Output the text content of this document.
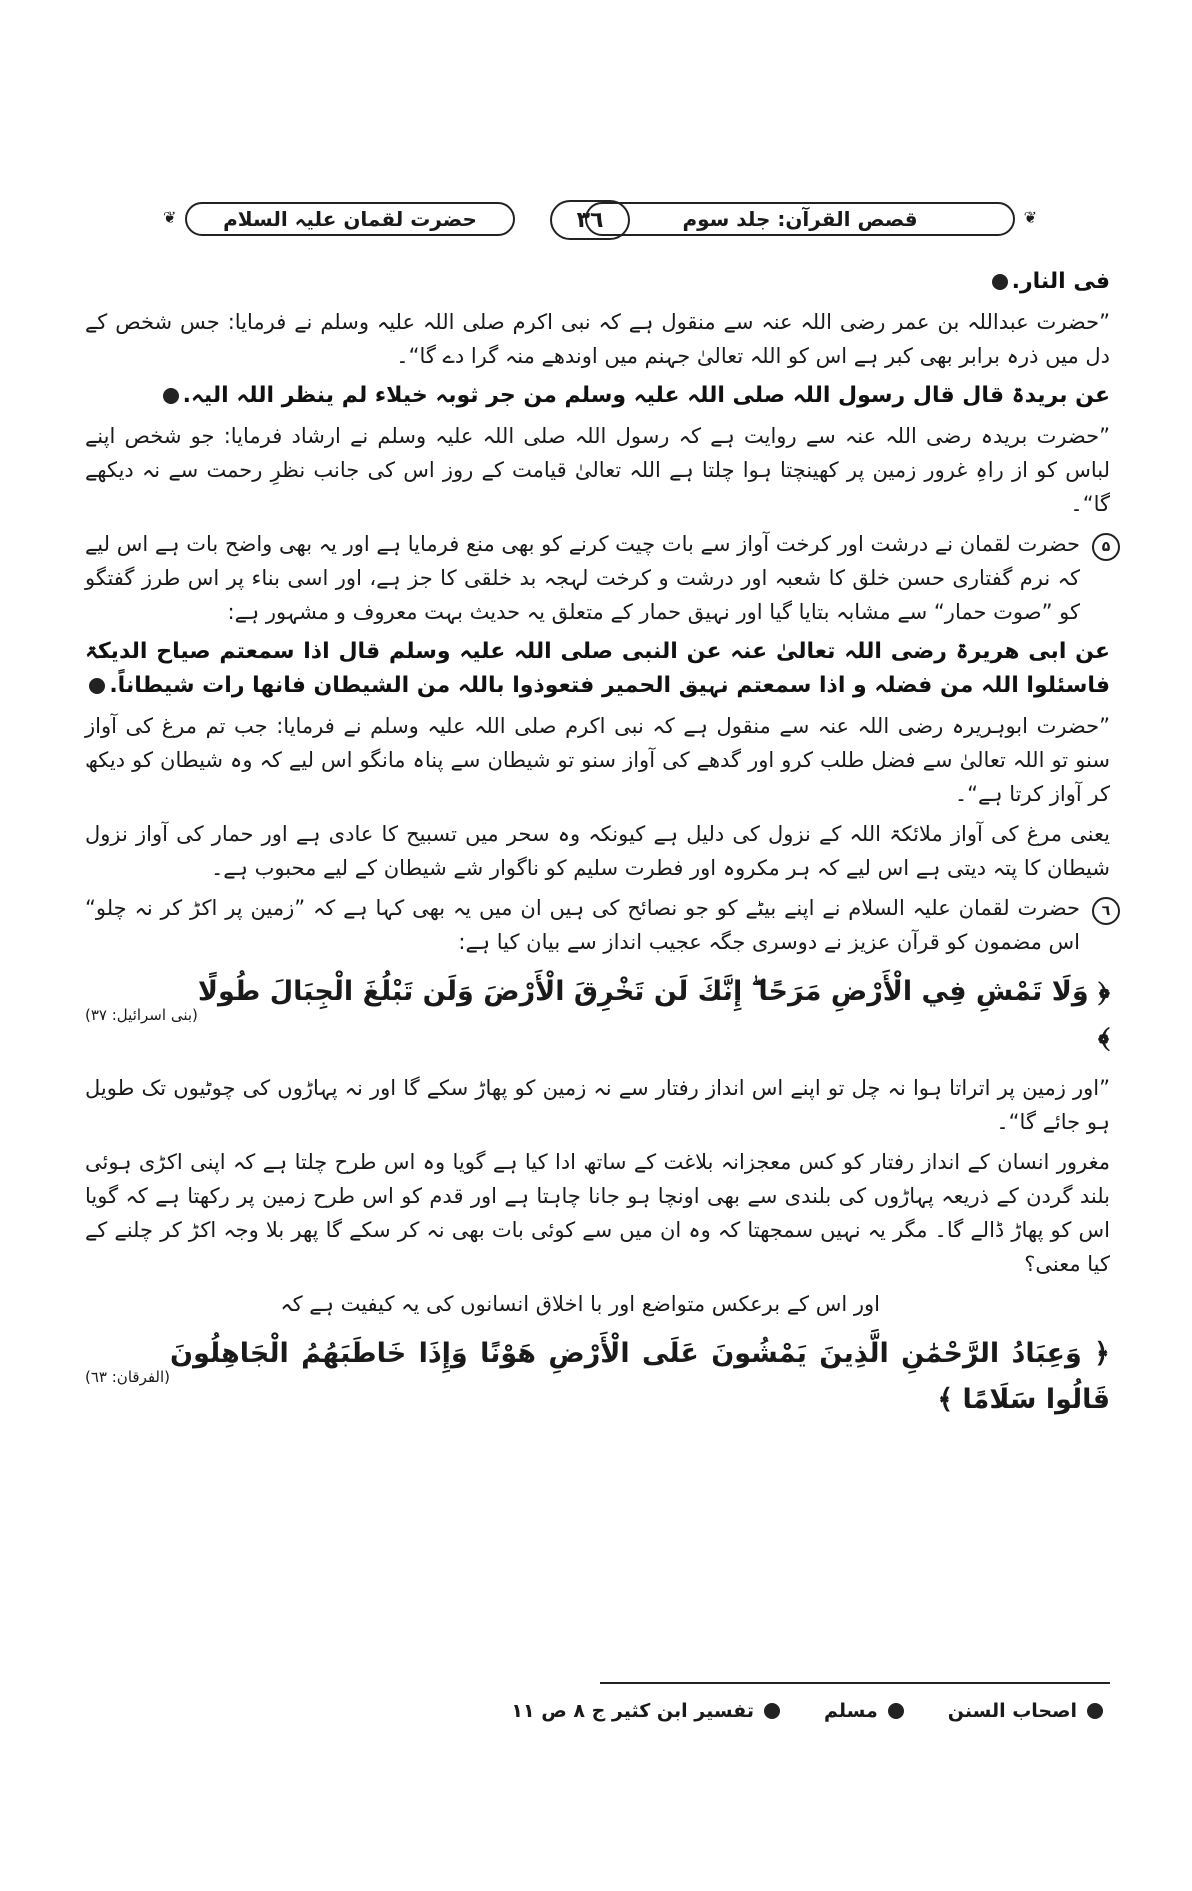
قصص القرآن: جلد سوم	❦
۳٦
حضرت لقمان علیہ السلام
❦

فی النار.

”حضرت عبداللہ بن عمر رضی اللہ عنہ سے منقول ہے کہ نبی اکرم صلی اللہ علیہ وسلم نے فرمایا: جس شخص کے دل میں ذرہ برابر بھی کبر ہے اس کو اللہ تعالیٰ جہنم میں اوندھے منہ گرا دے گا“۔

عن بریدۃ قال قال رسول اللہ صلی اللہ علیہ وسلم من جر ثوبہ خیلاء لم ینظر اللہ الیہ.

”حضرت بریدہ رضی اللہ عنہ سے روایت ہے کہ رسول اللہ صلی اللہ علیہ وسلم نے ارشاد فرمایا: جو شخص اپنے لباس کو از راہِ غرور زمین پر کھینچتا ہوا چلتا ہے اللہ تعالیٰ قیامت کے روز اس کی جانب نظرِ رحمت سے نہ دیکھے گا“۔

۵

حضرت لقمان نے درشت اور کرخت آواز سے بات چیت کرنے کو بھی منع فرمایا ہے اور یہ بھی واضح بات ہے اس لیے کہ نرم گفتاری حسن خلق کا شعبہ اور درشت و کرخت لہجہ بد خلقی کا جز ہے، اور اسی بناء پر اس طرز گفتگو کو ”صوت حمار“ سے مشابہ بتایا گیا اور نہیق حمار کے متعلق یہ حدیث بہت معروف و مشہور ہے:

عن ابی ھریرۃ رضی اللہ تعالیٰ عنہ عن النبی صلی اللہ علیہ وسلم قال اذا سمعتم صیاح الدیکۃ فاسئلوا اللہ من فضلہ و اذا سمعتم نہیق الحمیر فتعوذوا باللہ من الشیطان فانھا رات شیطاناً.

”حضرت ابوہریرہ رضی اللہ عنہ سے منقول ہے کہ نبی اکرم صلی اللہ علیہ وسلم نے فرمایا: جب تم مرغ کی آواز سنو تو اللہ تعالیٰ سے فضل طلب کرو اور گدھے کی آواز سنو تو شیطان سے پناہ مانگو اس لیے کہ وہ شیطان کو دیکھ کر آواز کرتا ہے“۔

یعنی مرغ کی آواز ملائکۃ اللہ کے نزول کی دلیل ہے کیونکہ وہ سحر میں تسبیح کا عادی ہے اور حمار کی آواز نزول شیطان کا پتہ دیتی ہے اس لیے کہ ہر مکروہ اور فطرت سلیم کو ناگوار شے شیطان کے لیے محبوب ہے۔

٦

حضرت لقمان علیہ السلام نے اپنے بیٹے کو جو نصائح کی ہیں ان میں یہ بھی کہا ہے کہ ”زمین پر اکڑ کر نہ چلو“ اس مضمون کو قرآن عزیز نے دوسری جگہ عجیب انداز سے بیان کیا ہے:

﴿ وَلَا تَمْشِ فِي الْأَرْضِ مَرَحًا ۖ إِنَّكَ لَن تَخْرِقَ الْأَرْضَ وَلَن تَبْلُغَ الْجِبَالَ طُولًا ﴾
(بنی اسرائیل: ۳۷)

”اور زمین پر اتراتا ہوا نہ چل تو اپنے اس انداز رفتار سے نہ زمین کو پھاڑ سکے گا اور نہ پہاڑوں کی چوٹیوں تک طویل ہو جائے گا“۔

مغرور انسان کے انداز رفتار کو کس معجزانہ بلاغت کے ساتھ ادا کیا ہے گویا وہ اس طرح چلتا ہے کہ اپنی اکڑی ہوئی بلند گردن کے ذریعہ پہاڑوں کی بلندی سے بھی اونچا ہو جانا چاہتا ہے اور قدم کو اس طرح زمین پر رکھتا ہے کہ گویا اس کو پھاڑ ڈالے گا۔ مگر یہ نہیں سمجھتا کہ وہ ان میں سے کوئی بات بھی نہ کر سکے گا پھر بلا وجہ اکڑ کر چلنے کے کیا معنی؟

اور اس کے برعکس متواضع اور با اخلاق انسانوں کی یہ کیفیت ہے کہ

﴿ وَعِبَادُ الرَّحْمَٰنِ الَّذِينَ يَمْشُونَ عَلَى الْأَرْضِ هَوْنًا وَإِذَا خَاطَبَهُمُ الْجَاهِلُونَ قَالُوا سَلَامًا ﴾
(الفرقان: ٦۳)
اصحاب السنن
مسلم
تفسیر ابن کثیر ج ۸ ص ۱۱
